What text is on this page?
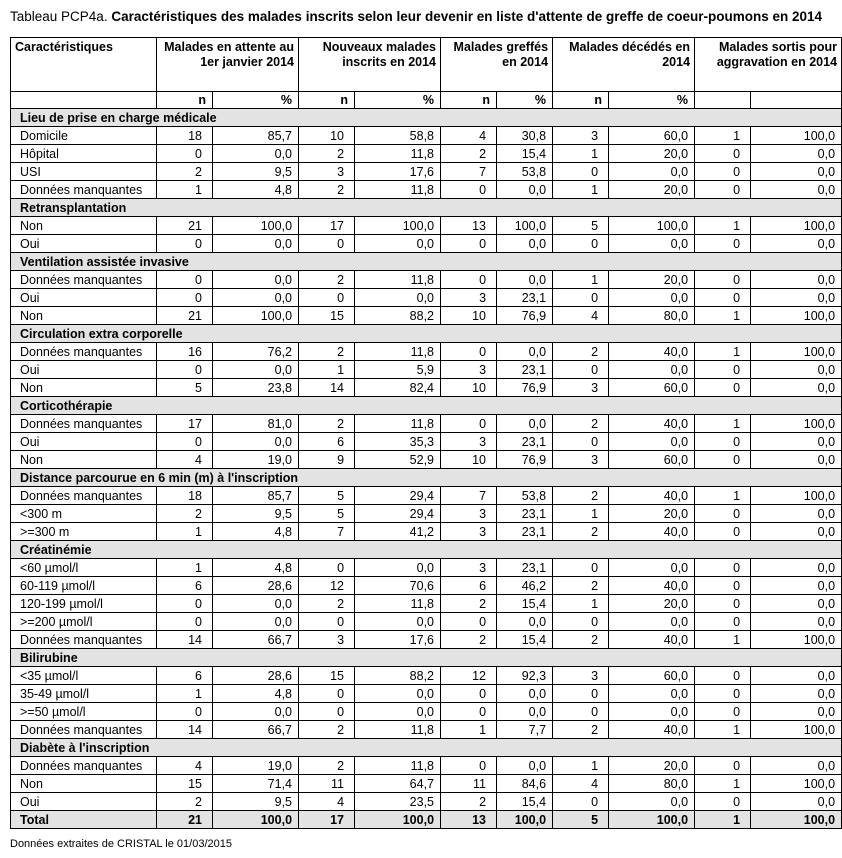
Tableau PCP4a. Caractéristiques des malades inscrits selon leur devenir en liste d'attente de greffe de coeur-poumons en 2014
Caractéristiques	Malades en attente au 1er janvier 2014		Nouveaux malades inscrits en 2014		Malades greffés en 2014		Malades décédés en 2014		Malades sortis pour aggravation en 2014	
	n	%	n	%	n	%	n	%		
Lieu de prise en charge médicale										
Domicile	18	85,7	10	58,8	4	30,8	3	60,0	1	100,0
Hôpital	0	0,0	2	11,8	2	15,4	1	20,0	0	0,0
USI	2	9,5	3	17,6	7	53,8	0	0,0	0	0,0
Données manquantes	1	4,8	2	11,8	0	0,0	1	20,0	0	0,0
Retransplantation										
Non	21	100,0	17	100,0	13	100,0	5	100,0	1	100,0
Oui	0	0,0	0	0,0	0	0,0	0	0,0	0	0,0
Ventilation assistée invasive										
Données manquantes	0	0,0	2	11,8	0	0,0	1	20,0	0	0,0
Oui	0	0,0	0	0,0	3	23,1	0	0,0	0	0,0
Non	21	100,0	15	88,2	10	76,9	4	80,0	1	100,0
Circulation extra corporelle										
Données manquantes	16	76,2	2	11,8	0	0,0	2	40,0	1	100,0
Oui	0	0,0	1	5,9	3	23,1	0	0,0	0	0,0
Non	5	23,8	14	82,4	10	76,9	3	60,0	0	0,0
Corticothérapie										
Données manquantes	17	81,0	2	11,8	0	0,0	2	40,0	1	100,0
Oui	0	0,0	6	35,3	3	23,1	0	0,0	0	0,0
Non	4	19,0	9	52,9	10	76,9	3	60,0	0	0,0
Distance parcourue en 6 min (m) à l'inscription										
Données manquantes	18	85,7	5	29,4	7	53,8	2	40,0	1	100,0
<300 m	2	9,5	5	29,4	3	23,1	1	20,0	0	0,0
>=300 m	1	4,8	7	41,2	3	23,1	2	40,0	0	0,0
Créatinémie										
<60 µmol/l	1	4,8	0	0,0	3	23,1	0	0,0	0	0,0
60-119 µmol/l	6	28,6	12	70,6	6	46,2	2	40,0	0	0,0
120-199 µmol/l	0	0,0	2	11,8	2	15,4	1	20,0	0	0,0
>=200 µmol/l	0	0,0	0	0,0	0	0,0	0	0,0	0	0,0
Données manquantes	14	66,7	3	17,6	2	15,4	2	40,0	1	100,0
Bilirubine										
<35 µmol/l	6	28,6	15	88,2	12	92,3	3	60,0	0	0,0
35-49 µmol/l	1	4,8	0	0,0	0	0,0	0	0,0	0	0,0
>=50 µmol/l	0	0,0	0	0,0	0	0,0	0	0,0	0	0,0
Données manquantes	14	66,7	2	11,8	1	7,7	2	40,0	1	100,0
Diabète à l'inscription										
Données manquantes	4	19,0	2	11,8	0	0,0	1	20,0	0	0,0
Non	15	71,4	11	64,7	11	84,6	4	80,0	1	100,0
Oui	2	9,5	4	23,5	2	15,4	0	0,0	0	0,0
Total	21	100,0	17	100,0	13	100,0	5	100,0	1	100,0
Données extraites de CRISTAL le 01/03/2015
